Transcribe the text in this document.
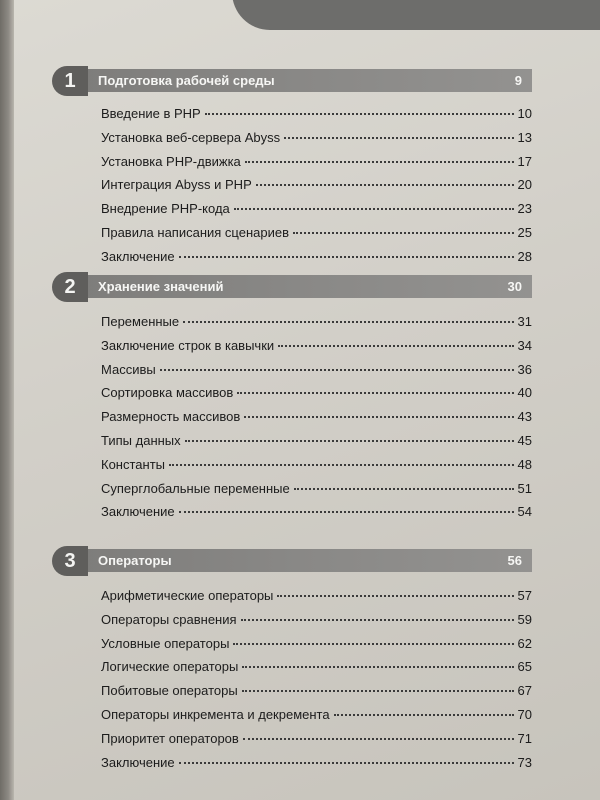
1	Подготовка рабочей среды	9
Введение в PHP	10
Установка веб-сервера Abyss	13
Установка PHP-движка	17
Интеграция Abyss и PHP	20
Внедрение PHP-кода	23
Правила написания сценариев	25
Заключение	28
2	Хранение значений	30
Переменные	31
Заключение строк в кавычки	34
Массивы	36
Сортировка массивов	40
Размерность массивов	43
Типы данных	45
Константы	48
Суперглобальные переменные	51
Заключение	54
3	Операторы	56
Арифметические операторы	57
Операторы сравнения	59
Условные операторы	62
Логические операторы	65
Побитовые операторы	67
Операторы инкремента и декремента	70
Приоритет операторов	71
Заключение	73
